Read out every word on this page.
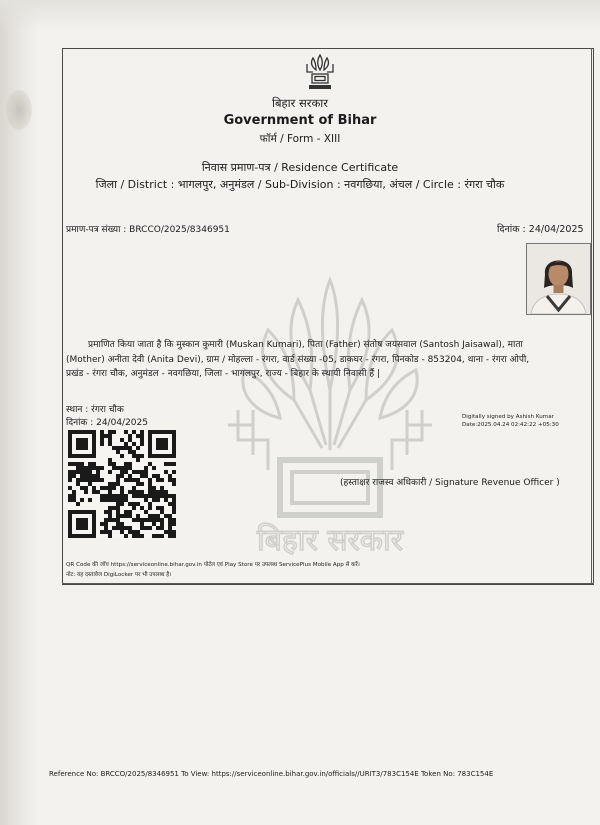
बिहार सरकार
बिहार सरकार
Government of Bihar
फॉर्म / Form - XIII
निवास प्रमाण-पत्र / Residence Certificate
जिला / District : भागलपुर, अनुमंडल / Sub-Division : नवगछिया, अंचल / Circle : रंगरा चौक
प्रमाण-पत्र संख्या : BRCCO/2025/8346951	दिनांक : 24/04/2025
प्रमाणित किया जाता है कि मुस्कान कुमारी (Muskan Kumari), पिता (Father) संतोष जयसवाल (Santosh Jaisawal), माता
(Mother) अनीता देवी (Anita Devi), ग्राम / मोहल्ला - रंगरा, वार्ड संख्या -05, डाकघर - रंगरा, पिनकोड - 853204, थाना - रंगरा ओपी,
प्रखंड - रंगरा चौक, अनुमंडल - नवगछिया, जिला - भागलपुर, राज्य - बिहार के स्थायी निवासी हैं |
स्थान : रंगरा चौक
दिनांक : 24/04/2025
Digitally signed by Ashish Kumar
Date:2025.04.24 02:42:22 +05:30
(हस्ताक्षर राजस्व अधिकारी / Signature Revenue Officer )
QR Code की जाँच https://serviceonline.bihar.gov.in पोर्टल एवं Play Store पर उपलब्ध ServicePlus Mobile App से करें।
नोट: यह दस्तावेज DigiLocker पर भी उपलब्ध है।
Reference No: BRCCO/2025/8346951 To View: https://serviceonline.bihar.gov.in/officials//URIT3/783C154E Token No: 783C154E
